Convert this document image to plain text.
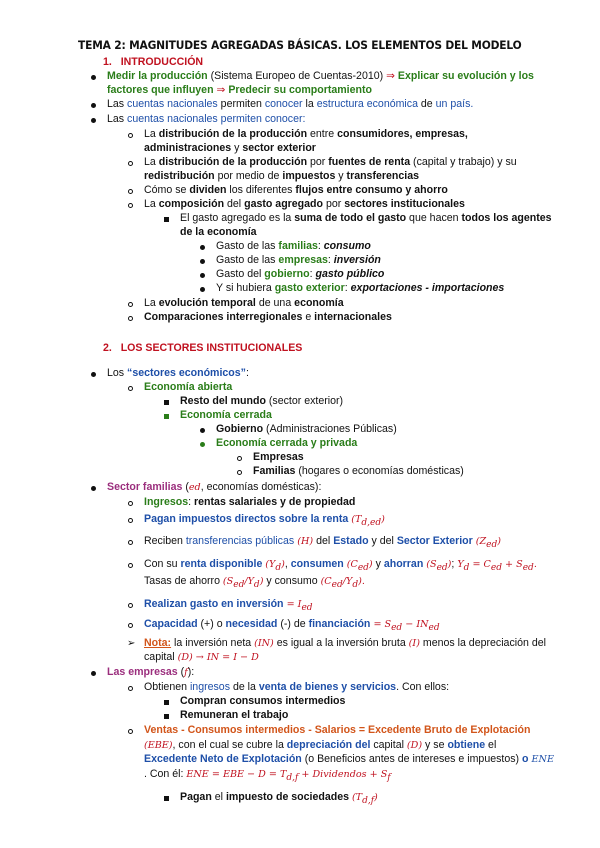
TEMA 2: MAGNITUDES AGREGADAS BÁSICAS. LOS ELEMENTOS DEL MODELO
1. INTRODUCCIÓN
Medir la producción (Sistema Europeo de Cuentas-2010) ⇒ Explicar su evolución y los
factores que influyen ⇒ Predecir su comportamiento
Las cuentas nacionales permiten conocer la estructura económica de un país.
Las cuentas nacionales permiten conocer:
La distribución de la producción entre consumidores, empresas,
administraciones y sector exterior
La distribución de la producción por fuentes de renta (capital y trabajo) y su
redistribución por medio de impuestos y transferencias
Cómo se dividen los diferentes flujos entre consumo y ahorro
La composición del gasto agregado por sectores institucionales
El gasto agregado es la suma de todo el gasto que hacen todos los agentes
de la economía
Gasto de las familias: consumo
Gasto de las empresas: inversión
Gasto del gobierno: gasto público
Y si hubiera gasto exterior: exportaciones - importaciones
La evolución temporal de una economía
Comparaciones interregionales e internacionales
2. LOS SECTORES INSTITUCIONALES
Los “sectores económicos”:
Economía abierta
Resto del mundo (sector exterior)
Economía cerrada
Gobierno (Administraciones Públicas)
Economía cerrada y privada
Empresas
Familias (hogares o economías domésticas)
Sector familias (ed, economías domésticas):
Ingresos: rentas salariales y de propiedad
Pagan impuestos directos sobre la renta $(T_{d,ed})$
Reciben transferencias públicas (H) del Estado y del Sector Exterior $(Z_{ed})$
Con su renta disponible $(Y_d)$, consumen $(C_{ed})$ y ahorran $(S_{ed})$; $Y_d = C_{ed} + S_{ed}$.
Tasas de ahorro $(S_{ed}/Y_d)$ y consumo $(C_{ed}/Y_d)$.
Realizan gasto en inversión = $I_{ed}$
Capacidad (+) o necesidad (-) de financiación = $S_{ed} - IN_{ed}$
➢ Nota: la inversión neta (IN) es igual a la inversión bruta (I) menos la depreciación del
capital (D) → IN = I − D
Las empresas (f):
Obtienen ingresos de la venta de bienes y servicios. Con ellos:
Compran consumos intermedios
Remuneran el trabajo
Ventas - Consumos intermedios - Salarios = Excedente Bruto de Explotación
(EBE), con el cual se cubre la depreciación del capital (D) y se obtiene el
Excedente Neto de Explotación (o Beneficios antes de intereses e impuestos) o ENE
. Con él: ENE = EBE − $D = T_{d,f}$ + Dividendos + $S_f$
Pagan el impuesto de sociedades $(T_{d,f})$
